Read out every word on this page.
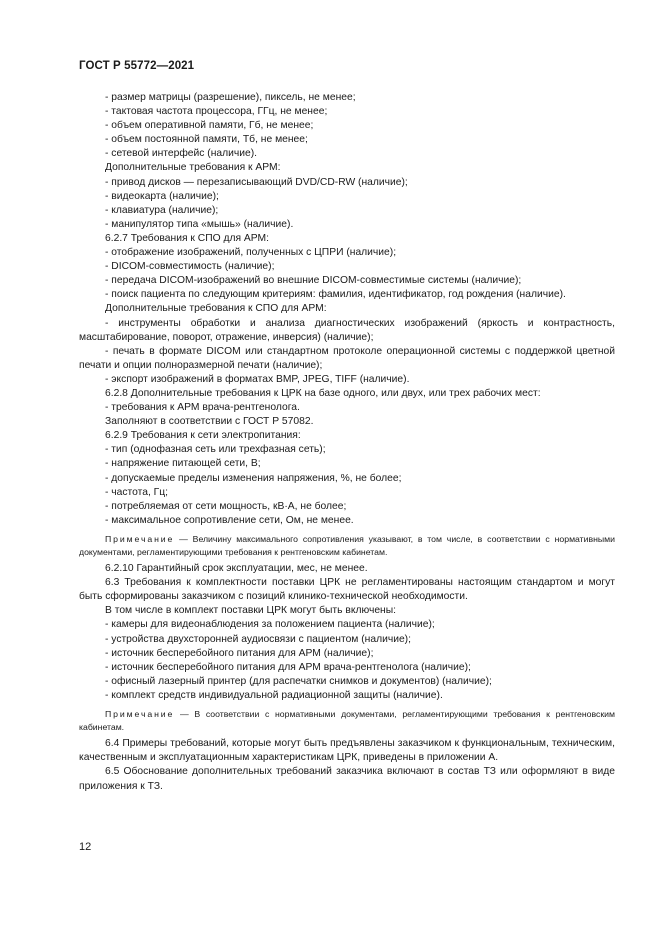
ГОСТ Р 55772—2021

- размер матрицы (разрешение), пиксель, не менее;

- тактовая частота процессора, ГГц, не менее;

- объем оперативной памяти, Гб, не менее;

- объем постоянной памяти, Тб, не менее;

- сетевой интерфейс (наличие).

Дополнительные требования к АРМ:

- привод дисков — перезаписывающий DVD/CD-RW (наличие);

- видеокарта (наличие);

- клавиатура (наличие);

- манипулятор типа «мышь» (наличие).

6.2.7 Требования к СПО для АРМ:

- отображение изображений, полученных с ЦПРИ (наличие);

- DICOM-совместимость (наличие);

- передача DICOM-изображений во внешние DICOM-совместимые системы (наличие);

- поиск пациента по следующим критериям: фамилия, идентификатор, год рождения (наличие).

Дополнительные требования к СПО для АРМ:

- инструменты обработки и анализа диагностических изображений (яркость и контрастность, масштабирование, поворот, отражение, инверсия) (наличие);

- печать в формате DICOM или стандартном протоколе операционной системы с поддержкой цветной печати и опции полноразмерной печати (наличие);

- экспорт изображений в форматах BMP, JPEG, TIFF (наличие).

6.2.8 Дополнительные требования к ЦРК на базе одного, или двух, или трех рабочих мест:

- требования к АРМ врача-рентгенолога.

Заполняют в соответствии с ГОСТ Р 57082.

6.2.9 Требования к сети электропитания:

- тип (однофазная сеть или трехфазная сеть);

- напряжение питающей сети, В;

- допускаемые пределы изменения напряжения, %, не более;

- частота, Гц;

- потребляемая от сети мощность, кВ·А, не более;

- максимальное сопротивление сети, Ом, не менее.

Примечание — Величину максимального сопротивления указывают, в том числе, в соответствии с нормативными документами, регламентирующими требования к рентгеновским кабинетам.

6.2.10 Гарантийный срок эксплуатации, мес, не менее.

6.3 Требования к комплектности поставки ЦРК не регламентированы настоящим стандартом и могут быть сформированы заказчиком с позиций клинико-технической необходимости.

В том числе в комплект поставки ЦРК могут быть включены:

- камеры для видеонаблюдения за положением пациента (наличие);

- устройства двухсторонней аудиосвязи с пациентом (наличие);

- источник бесперебойного питания для АРМ (наличие);

- источник бесперебойного питания для АРМ врача-рентгенолога (наличие);

- офисный лазерный принтер (для распечатки снимков и документов) (наличие);

- комплект средств индивидуальной радиационной защиты (наличие).

Примечание — В соответствии с нормативными документами, регламентирующими требования к рентгеновским кабинетам.

6.4 Примеры требований, которые могут быть предъявлены заказчиком к функциональным, техническим, качественным и эксплуатационным характеристикам ЦРК, приведены в приложении А.

6.5 Обоснование дополнительных требований заказчика включают в состав ТЗ или оформляют в виде приложения к ТЗ.

12
